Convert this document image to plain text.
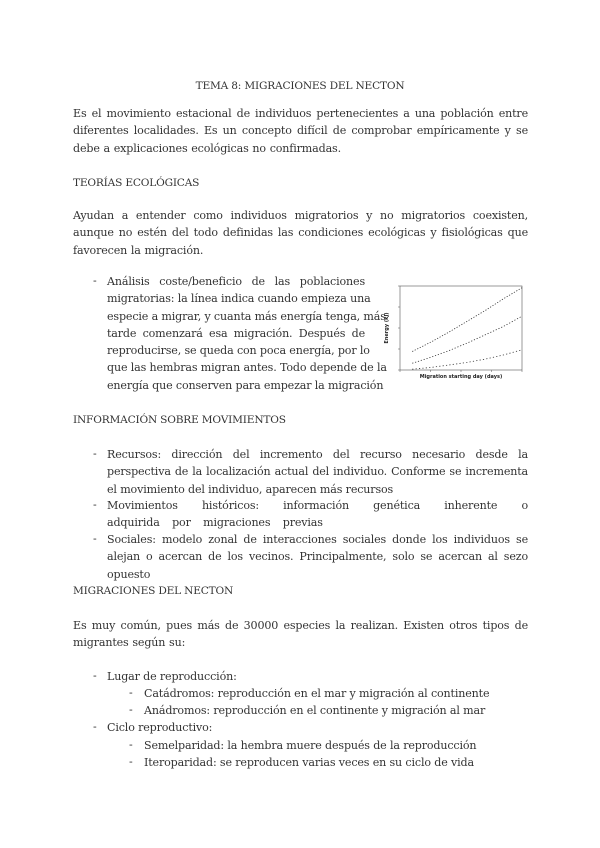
TEMA 8: MIGRACIONES DEL NECTON
Es el movimiento estacional de individuos pertenecientes a una población entre diferentes localidades. Es un concepto difícil de comprobar empíricamente y se debe a explicaciones ecológicas no confirmadas.
TEORÍAS ECOLÓGICAS
Ayudan a entender como individuos migratorios y no migratorios coexisten, aunque no estén del todo definidas las condiciones ecológicas y fisiológicas que favorecen la migración.
- Análisis coste/beneficio de las poblaciones
migratorias: la línea indica cuando empieza una
especie a migrar, y cuanta más energía tenga, más
tarde comenzará esa migración. Después de
reproducirse, se queda con poca energía, por lo
que las hembras migran antes. Todo depende de la
energía que conserven para empezar la migración
Migration starting day (days)
Energy (kJ)
INFORMACIÓN SOBRE MOVIMIENTOS
- Recursos: dirección del incremento del recurso necesario desde la perspectiva de la localización actual del individuo. Conforme se incrementa el movimiento del individuo, aparecen más recursos
- Movimientos históricos: información genética inherente o adquirida por migraciones previas
- Sociales: modelo zonal de interacciones sociales donde los individuos se alejan o acercan de los vecinos. Principalmente, solo se acercan al sezo opuesto
MIGRACIONES DEL NECTON
Es muy común, pues más de 30000 especies la realizan. Existen otros tipos de migrantes según su:
- Lugar de reproducción:
- Catádromos: reproducción en el mar y migración al continente
- Anádromos: reproducción en el continente y migración al mar
- Ciclo reproductivo:
- Semelparidad: la hembra muere después de la reproducción
- Iteroparidad: se reproducen varias veces en su ciclo de vida
